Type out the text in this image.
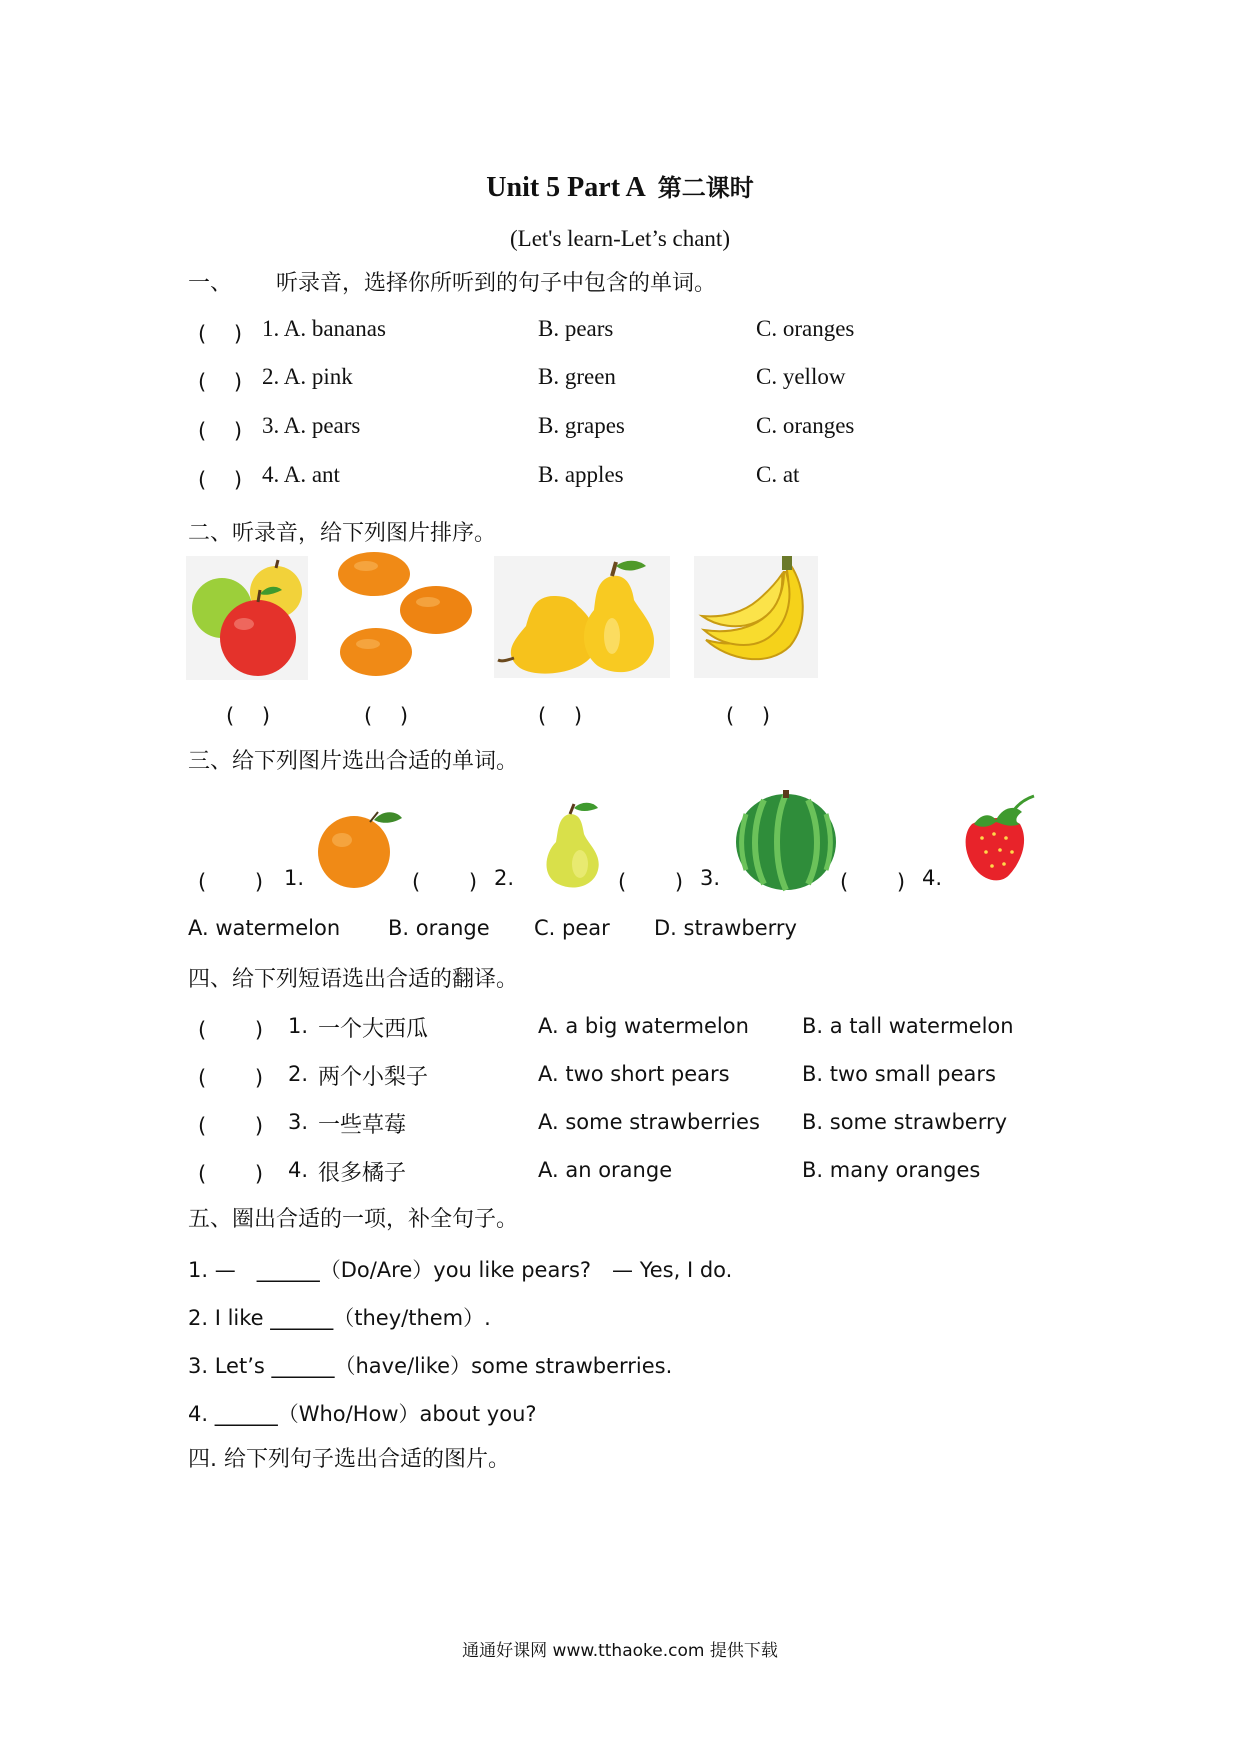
Unit 5 Part A 第二课时
(Let's learn-Let’s chant)
一、 听录音，选择你所听到的句子中包含的单词。
(　 ) 1. A. bananas	B. pears	C. oranges
(　 ) 2. A. pink	B. green	C. yellow
(　 ) 3. A. pears	B. grapes	C. oranges
(　 ) 4. A. ant	B. apples	C. at
二、听录音，给下列图片排序。
(　 )	(　 )	(　 )	(　 )
三、给下列图片选出合适的单词。
(　　 ) 1.	(　　 ) 2.	(　　 ) 3.	(　　 ) 4.
A. watermelon B. orange C. pear D. strawberry
四、给下列短语选出合适的翻译。
(　　 ) 1. 一个大西瓜	A. a big watermelon	B. a tall watermelon
(　　 ) 2. 两个小梨子	A. two short pears	B. two small pears
(　　 ) 3. 一些草莓	A. some strawberries B. some strawberry
(　　 ) 4. 很多橘子	A. an orange	B. many oranges
五、圈出合适的一项，补全句子。
1. —　______（Do/Are）you like pears?　— Yes, I do.
2. I like ______（they/them）.
3. Let’s ______（have/like）some strawberries.
4. ______（Who/How）about you?
四. 给下列句子选出合适的图片。
通通好课网 www.tthaoke.com 提供下载
